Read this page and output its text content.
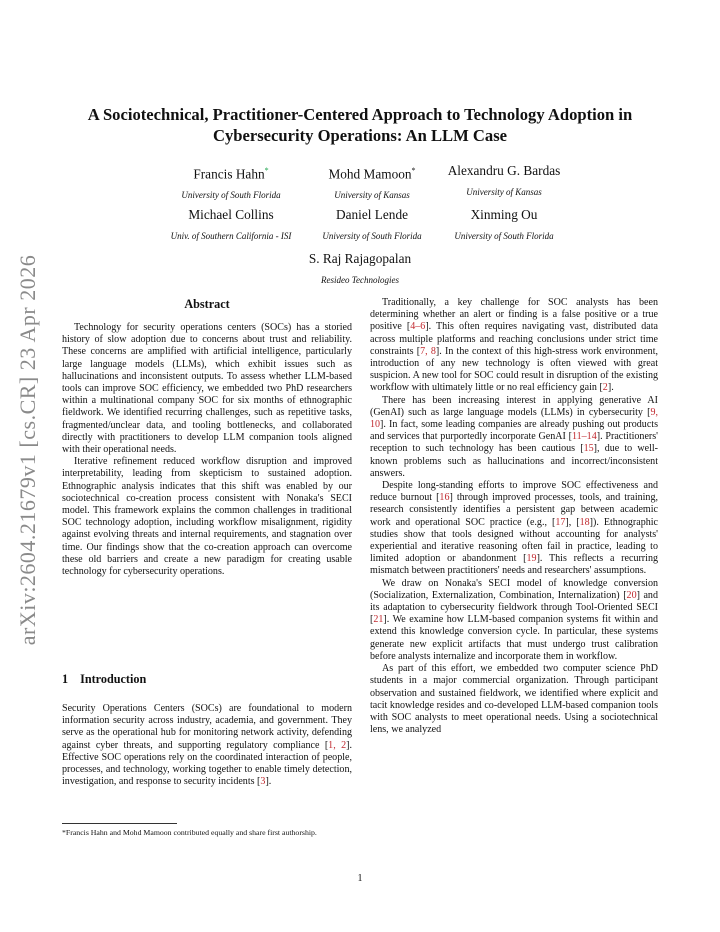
arXiv:2604.21679v1 [cs.CR] 23 Apr 2026
A Sociotechnical, Practitioner-Centered Approach to Technology Adoption in Cybersecurity Operations: An LLM Case
Francis Hahn*
University of South Florida
Mohd Mamoon*
University of Kansas
Alexandru G. Bardas
University of Kansas
Michael Collins
Univ. of Southern California - ISI
Daniel Lende
University of South Florida
Xinming Ou
University of South Florida
S. Raj Rajagopalan
Resideo Technologies
Abstract

Technology for security operations centers (SOCs) has a storied history of slow adoption due to concerns about trust and reliability. These concerns are amplified with artificial intelligence, particularly large language models (LLMs), which exhibit issues such as hallucinations and inconsistent outputs. To assess whether LLM-based tools can improve SOC efficiency, we embedded two PhD researchers within a multinational company SOC for six months of ethnographic fieldwork. We identified recurring challenges, such as repetitive tasks, fragmented/unclear data, and tooling bottlenecks, and collaborated directly with practitioners to develop LLM companion tools aligned with their operational needs.

Iterative refinement reduced workflow disruption and improved interpretability, leading from skepticism to sustained adoption. Ethnographic analysis indicates that this shift was enabled by our sociotechnical co-creation process consistent with Nonaka's SECI model. This framework explains the common challenges in traditional SOC technology adoption, including workflow misalignment, rigidity against evolving threats and internal requirements, and stagnation over time. Our findings show that the co-creation approach can overcome these old barriers and create a new paradigm for creating usable technology for cybersecurity operations.

1 Introduction

Security Operations Centers (SOCs) are foundational to modern information security across industry, academia, and government. They serve as the operational hub for monitoring network activity, defending against cyber threats, and supporting regulatory compliance [1, 2]. Effective SOC operations rely on the coordinated interaction of people, processes, and technology, working together to enable timely detection, investigation, and response to security incidents [3].

Traditionally, a key challenge for SOC analysts has been determining whether an alert or finding is a false positive or a true positive [4–6]. This often requires navigating vast, distributed data across multiple platforms and reaching conclusions under strict time constraints [7, 8]. In the context of this high-stress work environment, introduction of any new technology is often viewed with great suspicion. A new tool for SOC could result in disruption of the existing workflow with ultimately little or no real efficiency gain [2].

There has been increasing interest in applying generative AI (GenAI) such as large language models (LLMs) in cybersecurity [9, 10]. In fact, some leading companies are already pushing out products and services that purportedly incorporate GenAI [11–14]. Practitioners' reception to such technology has been cautious [15], due to well-known problems such as hallucinations and incorrect/inconsistent answers.

Despite long-standing efforts to improve SOC effectiveness and reduce burnout [16] through improved processes, tools, and training, research consistently identifies a persistent gap between academic work and operational SOC practice (e.g., [17], [18]). Ethnographic studies show that tools designed without accounting for analysts' experiential and iterative reasoning often fail in practice, leading to limited adoption or abandonment [19]. This reflects a recurring mismatch between practitioners' needs and researchers' assumptions.

We draw on Nonaka's SECI model of knowledge conversion (Socialization, Externalization, Combination, Internalization) [20] and its adaptation to cybersecurity fieldwork through Tool-Oriented SECI [21]. We examine how LLM-based companion systems fit within and extend this knowledge conversion cycle. In particular, these systems generate new explicit artifacts that must undergo trust calibration before analysts internalize and incorporate them in workflow.

As part of this effort, we embedded two computer science PhD students in a major commercial organization. Through participant observation and sustained fieldwork, we identified where explicit and tacit knowledge resides and co-developed LLM-based companion tools with SOC analysts to meet operational needs. Using a sociotechnical lens, we analyzed

*Francis Hahn and Mohd Mamoon contributed equally and share first authorship.
1
